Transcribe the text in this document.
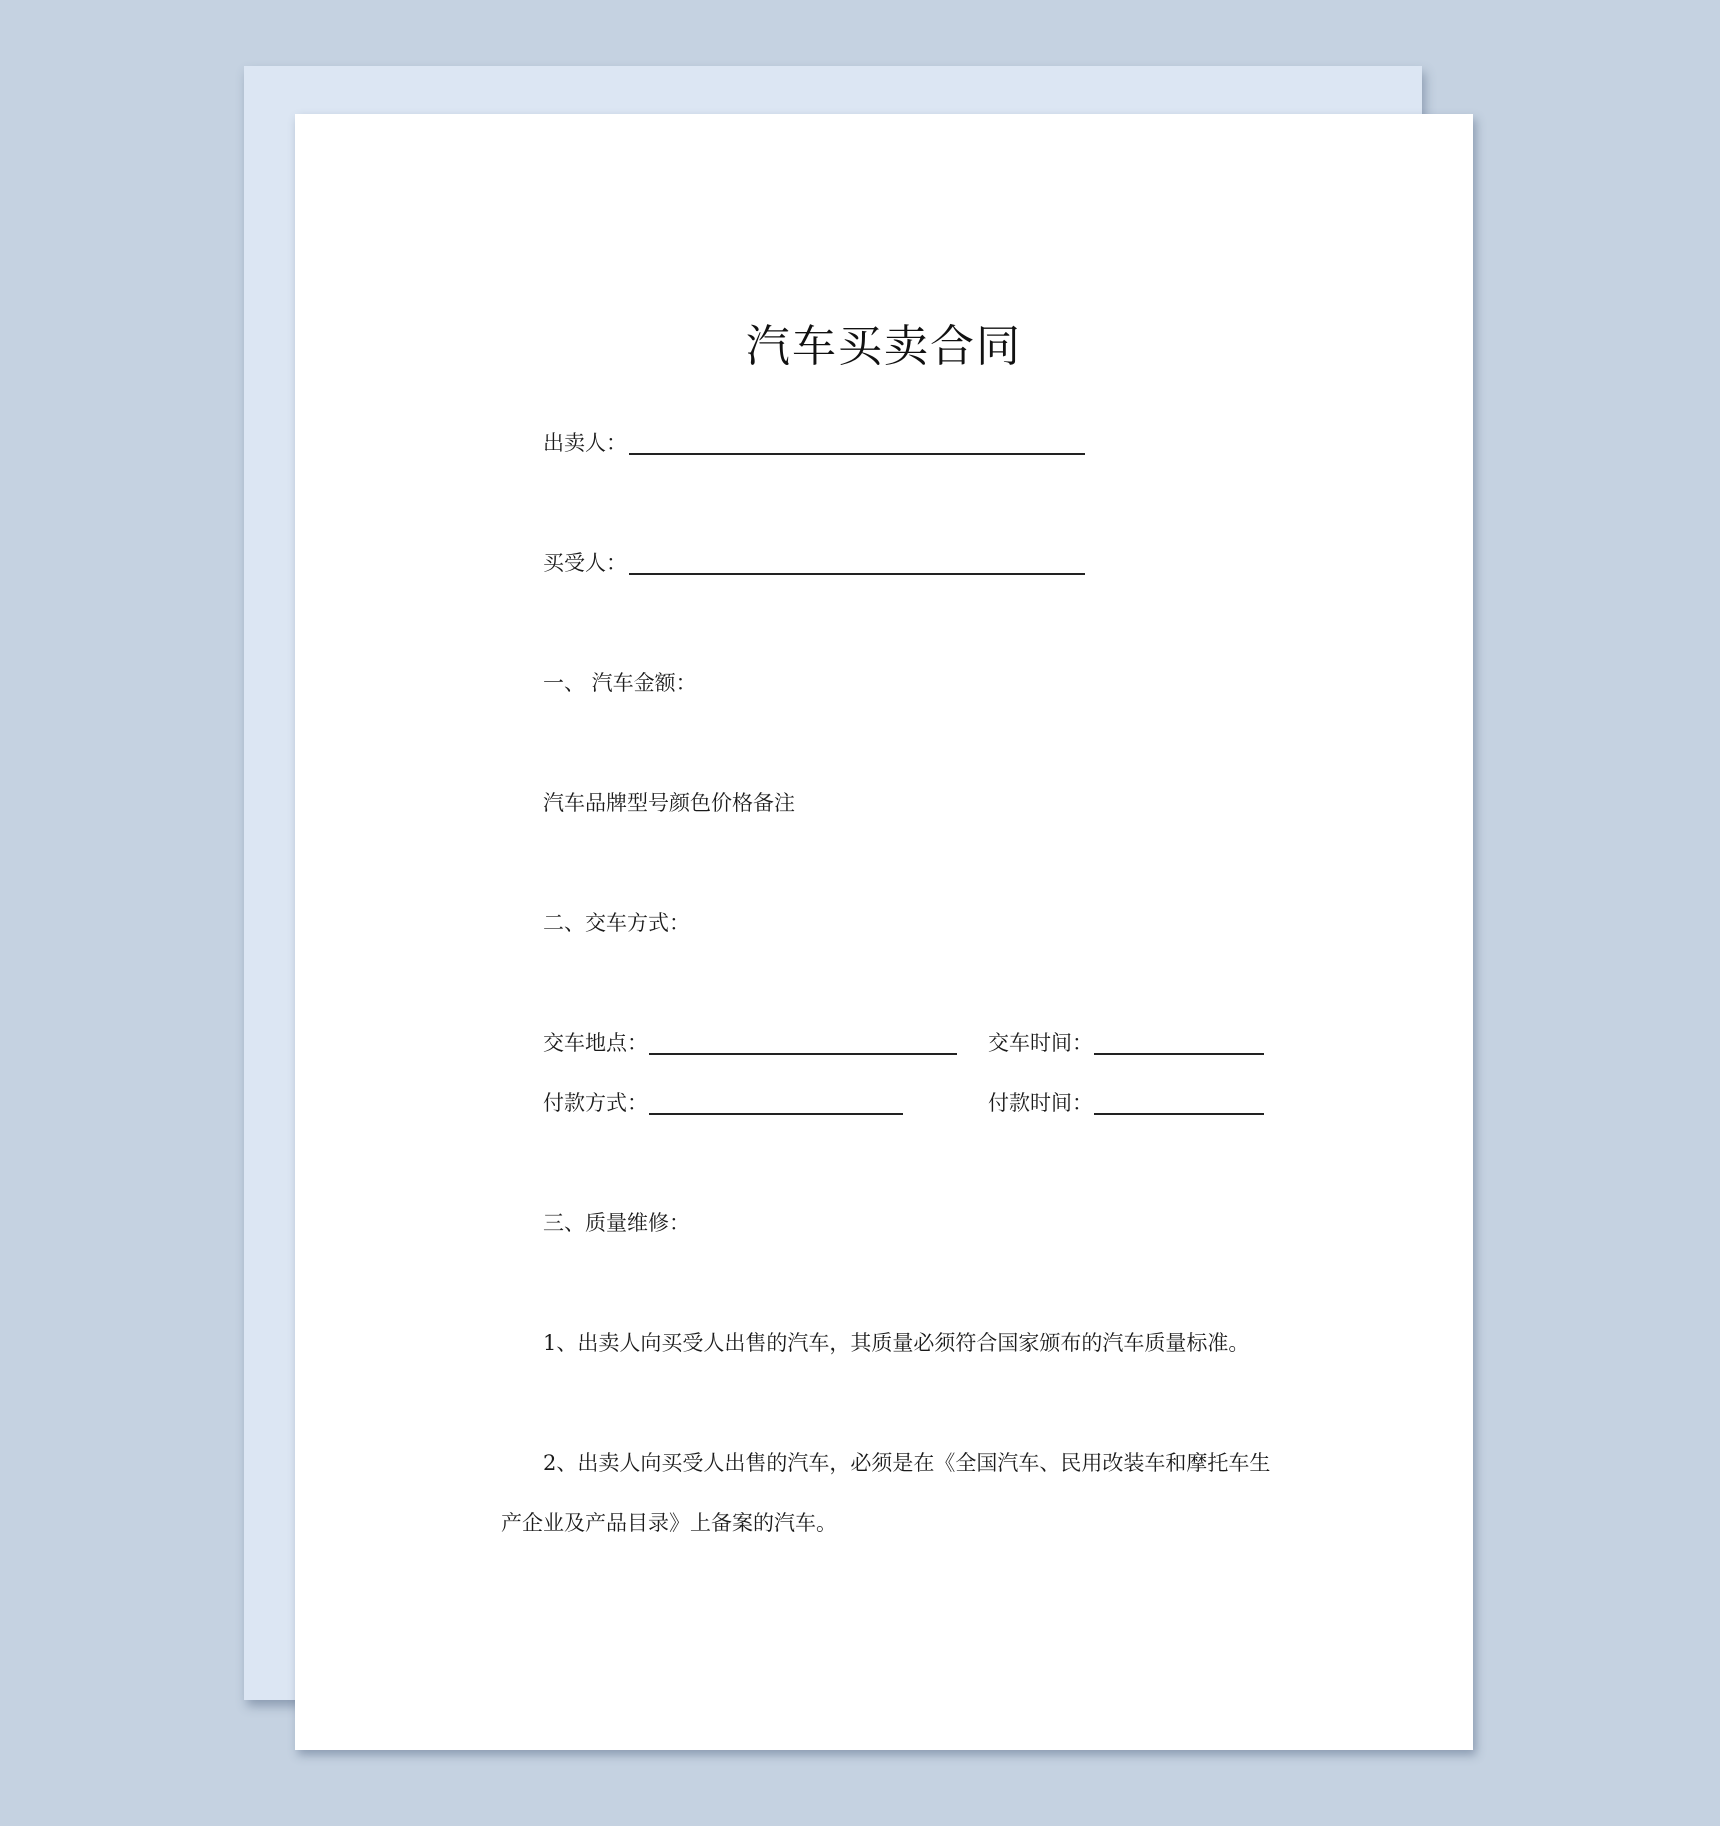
汽车买卖合同
出卖人：
买受人：
一、 汽车金额：
汽车品牌型号颜色价格备注
二、交车方式：
交车地点：	交车时间：
付款方式：	付款时间：
三、质量维修：
1、出卖人向买受人出售的汽车，其质量必须符合国家颁布的汽车质量标准。
2、出卖人向买受人出售的汽车，必须是在《全国汽车、民用改装车和摩托车生
产企业及产品目录》上备案的汽车。
